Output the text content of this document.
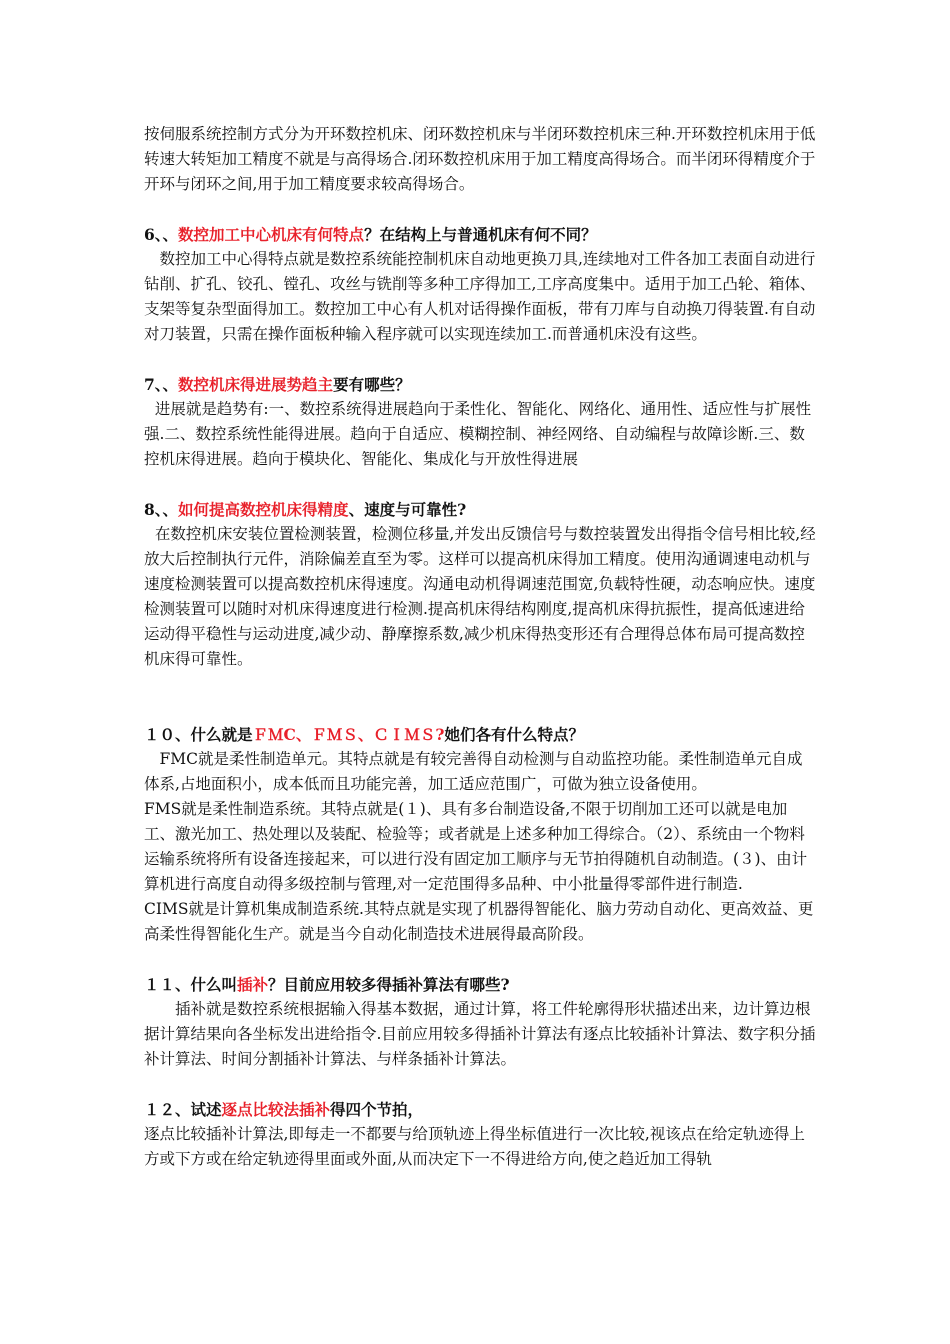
按伺服系统控制方式分为开环数控机床、闭环数控机床与半闭环数控机床三种.开环数控机床用于低转速大转矩加工精度不就是与高得场合.闭环数控机床用于加工精度高得场合。而半闭环得精度介于开环与闭环之间,用于加工精度要求较高得场合。

6、、数控加工中心机床有何特点？在结构上与普通机床有何不同？

数控加工中心得特点就是数控系统能控制机床自动地更换刀具,连续地对工件各加工表面自动进行钻削、扩孔、铰孔、镗孔、攻丝与铣削等多种工序得加工,工序高度集中。适用于加工凸轮、箱体、支架等复杂型面得加工。数控加工中心有人机对话得操作面板，带有刀库与自动换刀得装置.有自动对刀装置，只需在操作面板种输入程序就可以实现连续加工.而普通机床没有这些。

7、、数控机床得进展势趋主要有哪些？

进展就是趋势有:一、数控系统得进展趋向于柔性化、智能化、网络化、通用性、适应性与扩展性强.二、数控系统性能得进展。趋向于自适应、模糊控制、神经网络、自动编程与故障诊断.三、数控机床得进展。趋向于模块化、智能化、集成化与开放性得进展

8、、如何提高数控机床得精度、速度与可靠性?

在数控机床安装位置检测装置，检测位移量,并发出反馈信号与数控装置发出得指令信号相比较,经放大后控制执行元件，消除偏差直至为零。这样可以提高机床得加工精度。使用沟通调速电动机与速度检测装置可以提高数控机床得速度。沟通电动机得调速范围宽,负载特性硬，动态响应快。速度检测装置可以随时对机床得速度进行检测.提高机床得结构刚度,提高机床得抗振性，提高低速进给运动得平稳性与运动进度,减少动、静摩擦系数,减少机床得热变形还有合理得总体布局可提高数控机床得可靠性。

１０、什么就是ＦＭC、ＦＭＳ、ＣＩＭＳ?她们各有什么特点？

FMC就是柔性制造单元。其特点就是有较完善得自动检测与自动监控功能。柔性制造单元自成体系,占地面积小，成本低而且功能完善，加工适应范围广，可做为独立设备使用。

FMS就是柔性制造系统。其特点就是(１)、具有多台制造设备,不限于切削加工还可以就是电加工、激光加工、热处理以及装配、检验等；或者就是上述多种加工得综合。（2）、系统由一个物料运输系统将所有设备连接起来，可以进行没有固定加工顺序与无节拍得随机自动制造。(３)、由计算机进行高度自动得多级控制与管理,对一定范围得多品种、中小批量得零部件进行制造.

CIMS就是计算机集成制造系统.其特点就是实现了机器得智能化、脑力劳动自动化、更高效益、更高柔性得智能化生产。就是当今自动化制造技术进展得最高阶段。

１１、什么叫插补？目前应用较多得插补算法有哪些?

插补就是数控系统根据输入得基本数据，通过计算，将工件轮廓得形状描述出来，边计算边根据计算结果向各坐标发出进给指令.目前应用较多得插补计算法有逐点比较插补计算法、数字积分插补计算法、时间分割插补计算法、与样条插补计算法。

１２、试述逐点比较法插补得四个节拍，

逐点比较插补计算法,即每走一不都要与给顶轨迹上得坐标值进行一次比较,视该点在给定轨迹得上方或下方或在给定轨迹得里面或外面,从而决定下一不得进给方向,使之趋近加工得轨
